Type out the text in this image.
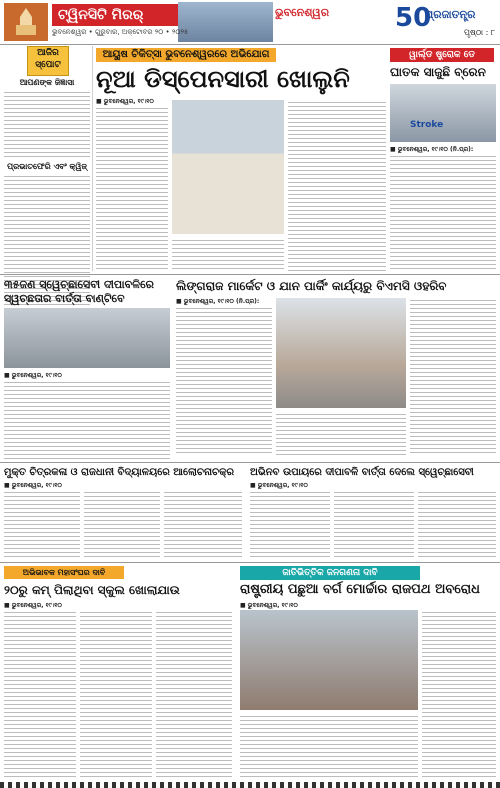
ଟ୍ୱିନସିଟି ମିରର୍	ଭୁବନେଶ୍ୱର
ଭୁବନେଶ୍ୱର • ଗୁରୁବାର, ଅକ୍ଟୋବର ୨୦ • ୨୦୨୫	50
ପ୍ରଜାତନ୍ତ୍ର
ପୃଷ୍ଠା : ୮
ଆଜିର ସ୍ପୋଟ
ଆପଣଙ୍କ ଜିଜ୍ଞାସା
ପ୍ରଭାତଫେରି ଏବଂ କ୍ୱିଜ୍
ଆୟୁଷ ଚିକିତ୍ସା ଭୁବନେଶ୍ୱରରେ ଅଭିଯୋଗ
ନୂଆ ଡିସ୍ପେନସାରୀ ଖୋଲୁନି
■ ଭୁବନେଶ୍ୱର, ୧୯।୧୦
ୱାର୍ଲ୍ଡ ଷ୍ଟ୍ରୋକ ଡେ
ଘାତକ ସାଜୁଛି ବ୍ରେନ
Stroke
■ ଭୁବନେଶ୍ୱର, ୧୯।୧୦ (ନି.ପ୍ର):
୩୫ଜଣ ସ୍ୱେଚ୍ଛାସେବୀ ଦୀପାବଳିରେ ସ୍ୱଚ୍ଛତାର ବାର୍ତ୍ତା ବାଣ୍ଟିବେ
■ ଭୁବନେଶ୍ୱର, ୧୯।୧୦
ଲିଙ୍ଗରାଜ ମାର୍କେଟ ଓ ଯାନ ପାର୍କିଂ କାର୍ଯ୍ୟରୁ ବିଏମସି ଓହରିବ
■ ଭୁବନେଶ୍ୱର, ୧୯।୧୦ (ନି.ପ୍ର):
ମୁକ୍ତ ଚିତ୍ରକଳା ଓ ରାଜଧାନୀ ବିଦ୍ୟାଳୟରେ ଆଲୋଚନାଚକ୍ର
■ ଭୁବନେଶ୍ୱର, ୧୯।୧୦
ଅଭିନବ ଉପାୟରେ ଦୀପାବଳି ବାର୍ତ୍ତା ଦେଲେ ସ୍ୱେଚ୍ଛାସେବୀ
■ ଭୁବନେଶ୍ୱର, ୧୯।୧୦
ଅଭିଭାବକ ମହାସଂଘର ଦାବି
୨୦ରୁ କମ୍ ପିଲାଥିବା ସ୍କୁଲ ଖୋଲାଯାଉ
■ ଭୁବନେଶ୍ୱର, ୧୯।୧୦
ଜାତିଭିତ୍ତିକ ଜନଗଣନା ଦାବି
ରାଷ୍ଟ୍ରୀୟ ପଛୁଆ ବର୍ଗ ମୋର୍ଚ୍ଚାର ରାଜପଥ ଅବରୋଧ
■ ଭୁବନେଶ୍ୱର, ୧୯।୧୦
